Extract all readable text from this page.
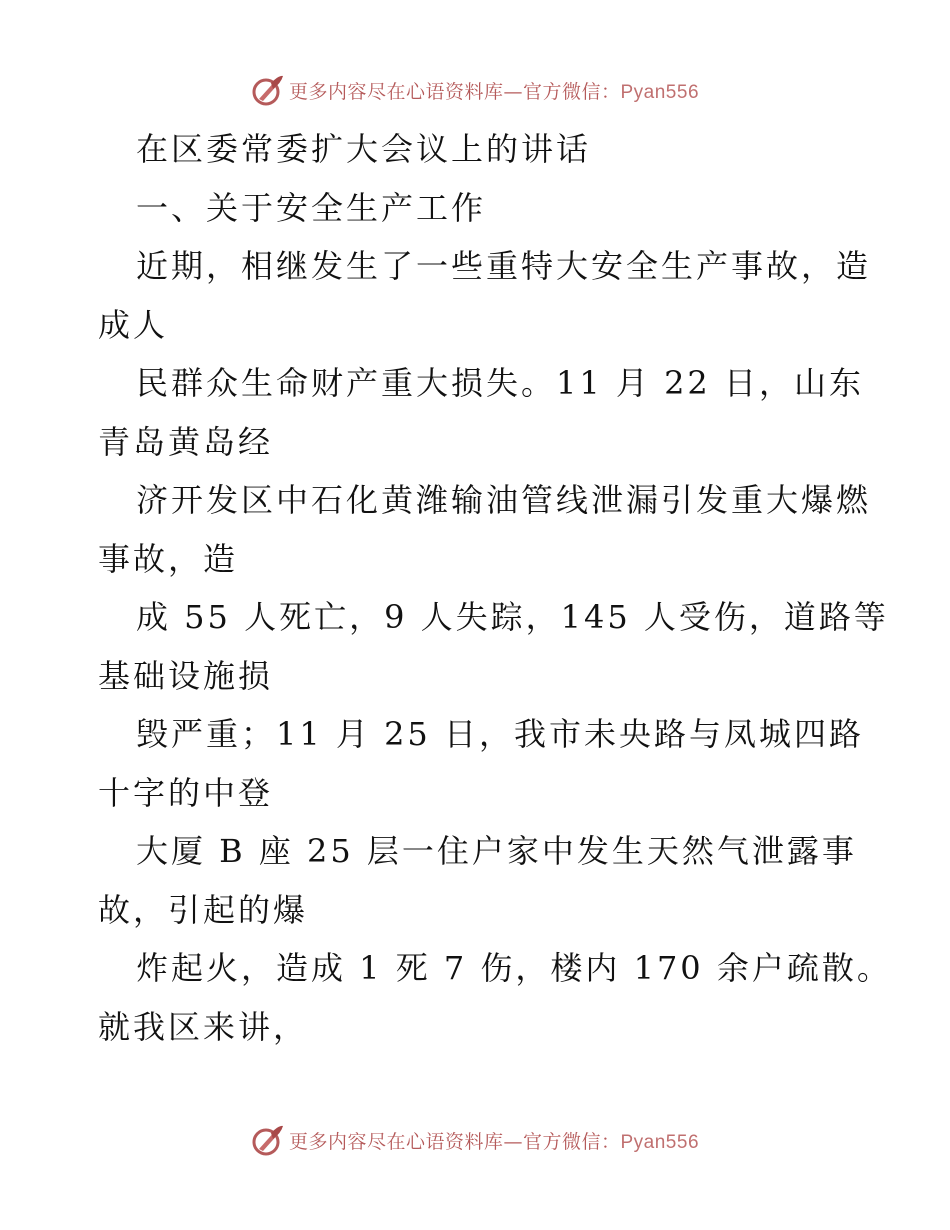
更多内容尽在心语资料库—官方微信：Pyan556
在区委常委扩大会议上的讲话
一、关于安全生产工作
近期，相继发生了一些重特大安全生产事故，造
成人
民群众生命财产重大损失。11 月 22 日，山东
青岛黄岛经
济开发区中石化黄潍输油管线泄漏引发重大爆燃
事故，造
成 55 人死亡，9 人失踪，145 人受伤，道路等
基础设施损
毁严重；11 月 25 日，我市未央路与凤城四路
十字的中登
大厦 B 座 25 层一住户家中发生天然气泄露事
故，引起的爆
炸起火，造成 1 死 7 伤，楼内 170 余户疏散。
就我区来讲，
更多内容尽在心语资料库—官方微信：Pyan556
